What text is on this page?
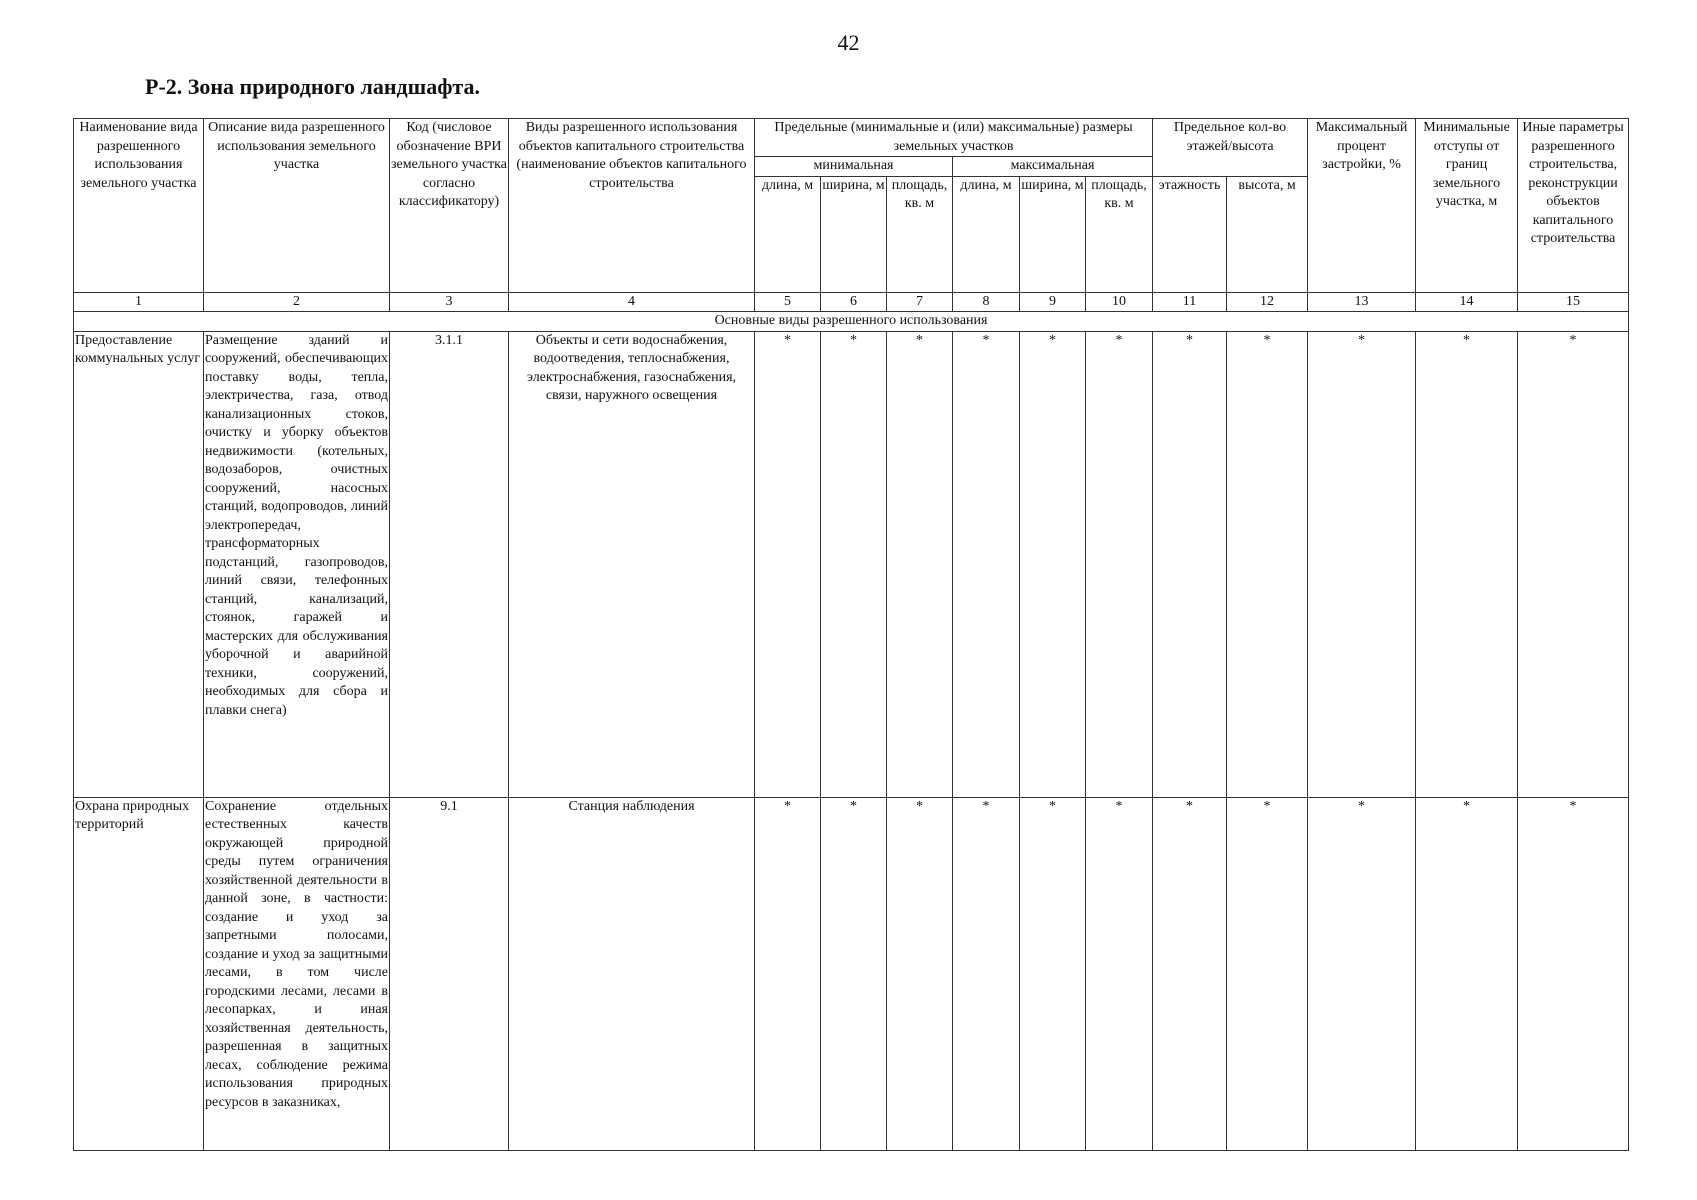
42
Р-2. Зона природного ландшафта.
Наименование вида разрешенного использования земельного участка	Описание вида разрешенного использования земельного участка	Код (числовое обозначение ВРИ земельного участка согласно классификатору)	Виды разрешенного использования объектов капитального строительства (наименование объектов капитального строительства	Предельные (минимальные и (или) максимальные) размеры земельных участков						Предельное кол-во этажей/высота		Максимальный процент застройки, %	Минимальные отступы от границ земельного участка, м	Иные параметры разрешенного строительства, реконструкции объектов капитального строительства
				минимальная			максимальная							
				длина, м	ширина, м	площадь, кв. м	длина, м	ширина, м	площадь, кв. м	этажность	высота, м			
1	2	3	4	5	6	7	8	9	10	11	12	13	14	15
Основные виды разрешенного использования														
Предоставление коммунальных услуг	Размещение зданий и сооружений, обеспечивающих поставку воды, тепла, электричества, газа, отвод канализационных стоков, очистку и уборку объектов недвижимости (котельных, водозаборов, очистных сооружений, насосных станций, водопроводов, линий электропередач, трансформаторных подстанций, газопроводов, линий связи, телефонных станций, канализаций, стоянок, гаражей и мастерских для обслуживания уборочной и аварийной техники, сооружений, необходимых для сбора и плавки снега)	3.1.1	Объекты и сети водоснабжения, водоотведения, теплоснабжения, электроснабжения, газоснабжения, связи, наружного освещения	*	*	*	*	*	*	*	*	*	*	*
Охрана природных территорий	Сохранение отдельных естественных качеств окружающей природной среды путем ограничения хозяйственной деятельности в данной зоне, в частности: создание и уход за запретными полосами, создание и уход за защитными лесами, в том числе городскими лесами, лесами в лесопарках, и иная хозяйственная деятельность, разрешенная в защитных лесах, соблюдение режима использования природных ресурсов в заказниках,	9.1	Станция наблюдения	*	*	*	*	*	*	*	*	*	*	*
